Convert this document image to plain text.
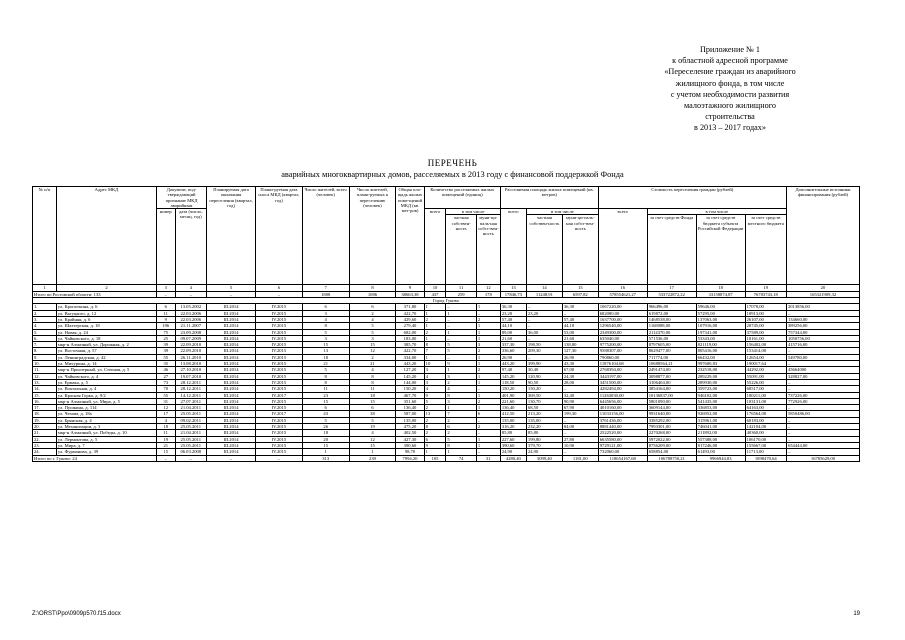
Приложение № 1
к областной адресной программе
«Переселение граждан из аварийного
жилищного фонда, в том числе
с учетом необходимости развития
малоэтажного жилищного
строительства
в 2013 – 2017 годах»
ПЕРЕЧЕНЬ
аварийных многоквартирных домов, расселяемых в 2013 году с финансовой поддержкой Фонда
№ п/п	Адрес МКД	Документ, под-тверждающий признание МКД аварийным		Планируемая дата окончания переселения (квартал, год)	Плани-руемая дата сноса МКД (квартал, год)	Число жителей, всего (человек)	Число жителей, плани-руемых к переселению (человек)	Общая пло-щадь жилых поме-щений МКД (кв. мет-ров)	Количество расселяемых жилых помещений (единиц)			Расселяемая площадь жилых помещений (кв. метров)			Стоимость переселения граждан (рублей)				Дополнительные источники финансирования (рублей)
		номер	дата (число, месяц, год)						всего	в том числе		всего	в том числе		всего	в том числе			
										частная собствен-ность	муни-ци-паль-ная собст-вен-ность		частная собствен-ность	муни-ци-паль-ная собст-вен-ность		за счет средств Фонда	за счет средств бюджета субъекта Российской Федерации	за счет средств местного бюджета	
1	2	3	4	5	6	7	8	9	10	11	12	13	14	15	16	17	18	19	20
Итого по Ростовской области: 133		–	–	–	–	1808	1086	38663,38	437	259	178	17846,73	11248,91	6597,82	578554621,27	533722872,22	33158874,87	76783743,18	165321909,32
Город Гуково																			
1.	ул. Кропоткина, д. 6	6	13.05.2002	III.2014	IV.2015	6	6	371,80	1	–	1	36,30	–	36,30	1067220,00	966496,00	59646,00	17078,00	2013856,00
2.	ул. Вагуцкого, д. 12	11	22.03.2006	III.2014	IV.2015	3	2	422,70	1	1	–	23,20	23,20	–	682080,00	619872,00	57295,00	10913,00	–
3.	ул. Крайняя, д. 6	9	22.03.2006	III.2014	IV.2015	4	4	429,60	2	–	2	57,40	–	57,40	1637700,00	1468538,00	137063,00	26107,00	134660,00
4.	ул. Шахтерская, д. 18	196	21.11.2007	III.2014	IV.2015	8	5	279,40	1	–	1	44,10	–	44,10	1296540,00	1168088,00	107916,00	20745,00	389256,00
5.	ул. Новая, д. 24	75	23.09.2008	III.2014	IV.2015	5	5	682,00	2	1	1	89,00	36,00	53,00	2349300,00	2114370,00	197341,00	37589,00	757344,00
6.	ул. Чайковского, д. 18	25	09.07.2009	III.2014	IV.2015	3	3	183,00	1	–	1	21,60	–	21,60	635040,00	571536,00	53343,00	10161,00	1050756,00
7.	мкр-н Алмазный, ул. Дорожная, д. 2	39	22.09.2010	III.2014	IV.2015	15	15	385,70	8	5	3	337,30	198,50	138,80	9775200,00	8797605,00	821119,00	156402,00	415716,00
8.	ул. Восточная, д. 57	39	22.09.2010	III.2014	IV.2015	13	12	422,70	7	5	2	336,60	209,30	127,30	9588307,00	8629477,00	805416,00	153414,00	–
9.	ул. Ленинградская, д. 42	55	26.11.2010	III.2014	IV.2015	18	2	334,00	1	–	1	26,90	–	26,90	790860,00	711774,00	66432,00	12654,00	549780,00
10.	ул. Мичурина, д. 14	35	13.08.2010	III.2014	IV.2015	21	21	443,20	10	9	1	443,20	399,90	43,30	11876104,68	10688564,21	997600,83	190017,64	–
11.	мкр-н Приозерный, ул. Степная, д. 5	46	27.10.2010	III.2014	IV.2015	5	4	127,20	3	1	2	97,40	30,40	67,00	2768394,00	2491474,00	232518,00	44292,00	45664000
12.	ул. Чайковского, д. 4	27	19.07.2010	III.2014	IV.2015	8	8	145,20	4	3	1	145,20	120,90	24,30	3443197,00	3098877,00	289229,00	55091,00	328827,00
13.	ул. Ермака, д. 5	73	28.12.2011	III.2014	IV.2015	8	8	144,00	3	2	1	118,50	90,50	28,00	3451500,00	3106404,00	289930,00	55226,00	–
14.	ул. Вокзальная, д. 4	70	28.12.2011	III.2014	IV.2015	11	11	150,20	4	4	–	150,20	150,20	–	4282494,00	3854164,00	359723,00	68517,00	–
15.	ул. Красная Горка, д. 9/2	55	14.12.2011	III.2014	IV.2017	23	18	467,70	9	8	1	401,90	369,50	32,40	11263030,00	10136837,00	946102,00	180211,00	737226,00
16.	мкр-н Алмазный, ул. Мира, д. 5	31	27.07.2011	III.2014	IV.2015	15	15	351,60	5	3	2	221,60	130,70	90,90	6445656,00	5801090,00	541435,00	103131,00	772926,00
17.	ул. Пушкина, д. 114	12	21.04.2011	III.2014	IV.2015	6	6	136,40	2	1	1	136,40	68,50	67,90	4010160,00	3609144,00	336853,00	64163,00	–
18.	ул. Чехова, д. 18а	17	25.05.2011	III.2014	IV.2017	43	38	587,00	13	7	6	412,50	213,20	199,30	11033156,00	9931640,00	926952,00	176564,00	5850486,00
19.	ул. Брянская, д. 4	4	09.02.2011	III.2014	IV.2015	5	5	135,00	2	2	–	135,00	135,00	–	3761436,00	3385292,00	315961,00	60183,00	–
20.	ул. Механизации, д. 3	18	25.05.2011	III.2014	IV.2015	26	19	475,20	8	6	2	316,20	232,20	84,00	8881440,00	7993301,00	746041,00	142104,00	–
21.	мкр-н Алмазный, ул. Победы, д. 10	11	21.04.2011	III.2014	IV.2015	18	4	402,50	2	2	–	85,80	85,80	–	2522520,00	2270268,00	211892,00	40360,00	–
22.	ул. Лермонтова, д. 5	19	25.05.2011	III.2014	IV.2015	20	12	427,30	6	5	1	227,60	199,80	27,80	6635580,00	5972022,00	557388,00	106170,00	–
23.	ул. Мира, д. 7	21	25.05.2011	III.2014	IV.2015	15	15	390,60	9	8	1	390,60	379,70	10,90	9729121,00	8756209,00	817246,00	155667,00	654444,00
24.	ул. Фурмановa, д. 39	15	06.03.2008	III.2014	IV.2015	1	1	98,70	1	1	–	24,90	24,90	–	732060,00	658854,00	61493,00	11713,00	–
Итого по г. Гуково: 24		–	–	–	–	313	239	7994,20	105	74	31	4280,40	3099,40	1181,00	118654167,68	106788750,21	9966944,83	1898470,64	16785629,00
Z:\ORST\Ppo\0909p570.f15.docx	19
